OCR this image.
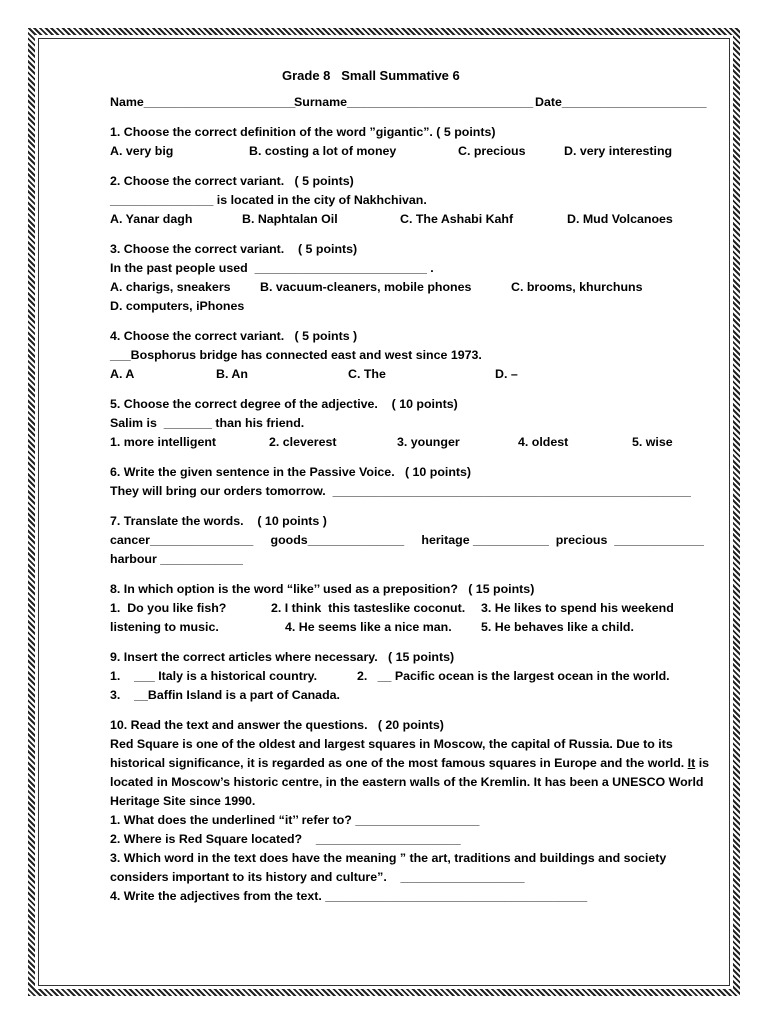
Grade 8   Small Summative 6

Name______________________

Surname___________________________

Date_____________________

1. Choose the correct definition of the word ”gigantic”. ( 5 points)

A. very big

	B. costing a lot of money

	C. precious

	D. very interesting

2. Choose the correct variant.   ( 5 points)
_______________ is located in the city of Nakhchivan.

A. Yanar dagh

	B. Naphtalan Oil

	C. The Ashabi Kahf

	D. Mud Volcanoes

3. Choose the correct variant.    ( 5 points)
In the past people used  _________________________ .

A. charigs, sneakers

B. vacuum-cleaners, mobile phones

	C. brooms, khurchuns

D. computers, iPhones
4. Choose the correct variant.   ( 5 points )
___Bosphorus bridge has connected east and west since 1973.

A. A

	B. An

	C. The

	D. –

5. Choose the correct degree of the adjective.    ( 10 points)
Salim is  _______ than his friend.

1. more intelligent

	2. cleverest

	3. younger

	4. oldest

	5. wise

6. Write the given sentence in the Passive Voice.   ( 10 points)
They will bring our orders tomorrow.  ____________________________________________________
7. Translate the words.    ( 10 points )
cancer_______________     goods______________     heritage ___________  precious  _____________
harbour ____________
8. In which option is the word “like’’ used as a preposition?   ( 15 points)

1.  Do you like fish?

	2. I think  this tasteslike coconut.

3. He likes to spend his weekend

listening to music.

	4. He seems like a nice man.

5. He behaves like a child.

9. Insert the correct articles where necessary.   ( 15 points)

1.    ___ Italy is a historical country.

	2.   __ Pacific ocean is the largest ocean in the world.

3.    __Baffin Island is a part of Canada.
10. Read the text and answer the questions.   ( 20 points)
Red Square is one of the oldest and largest squares in Moscow, the capital of Russia. Due to its historical significance, it is regarded as one of the most famous squares in Europe and the world. It is located in Moscow’s historic centre, in the eastern walls of the Kremlin. It has been a UNESCO World Heritage Site since 1990.
1. What does the underlined “it’’ refer to? __________________
2. Where is Red Square located?    _____________________
3. Which word in the text does have the meaning ” the art, traditions and buildings and society
considers important to its history and culture”.    __________________
4. Write the adjectives from the text. ______________________________________
